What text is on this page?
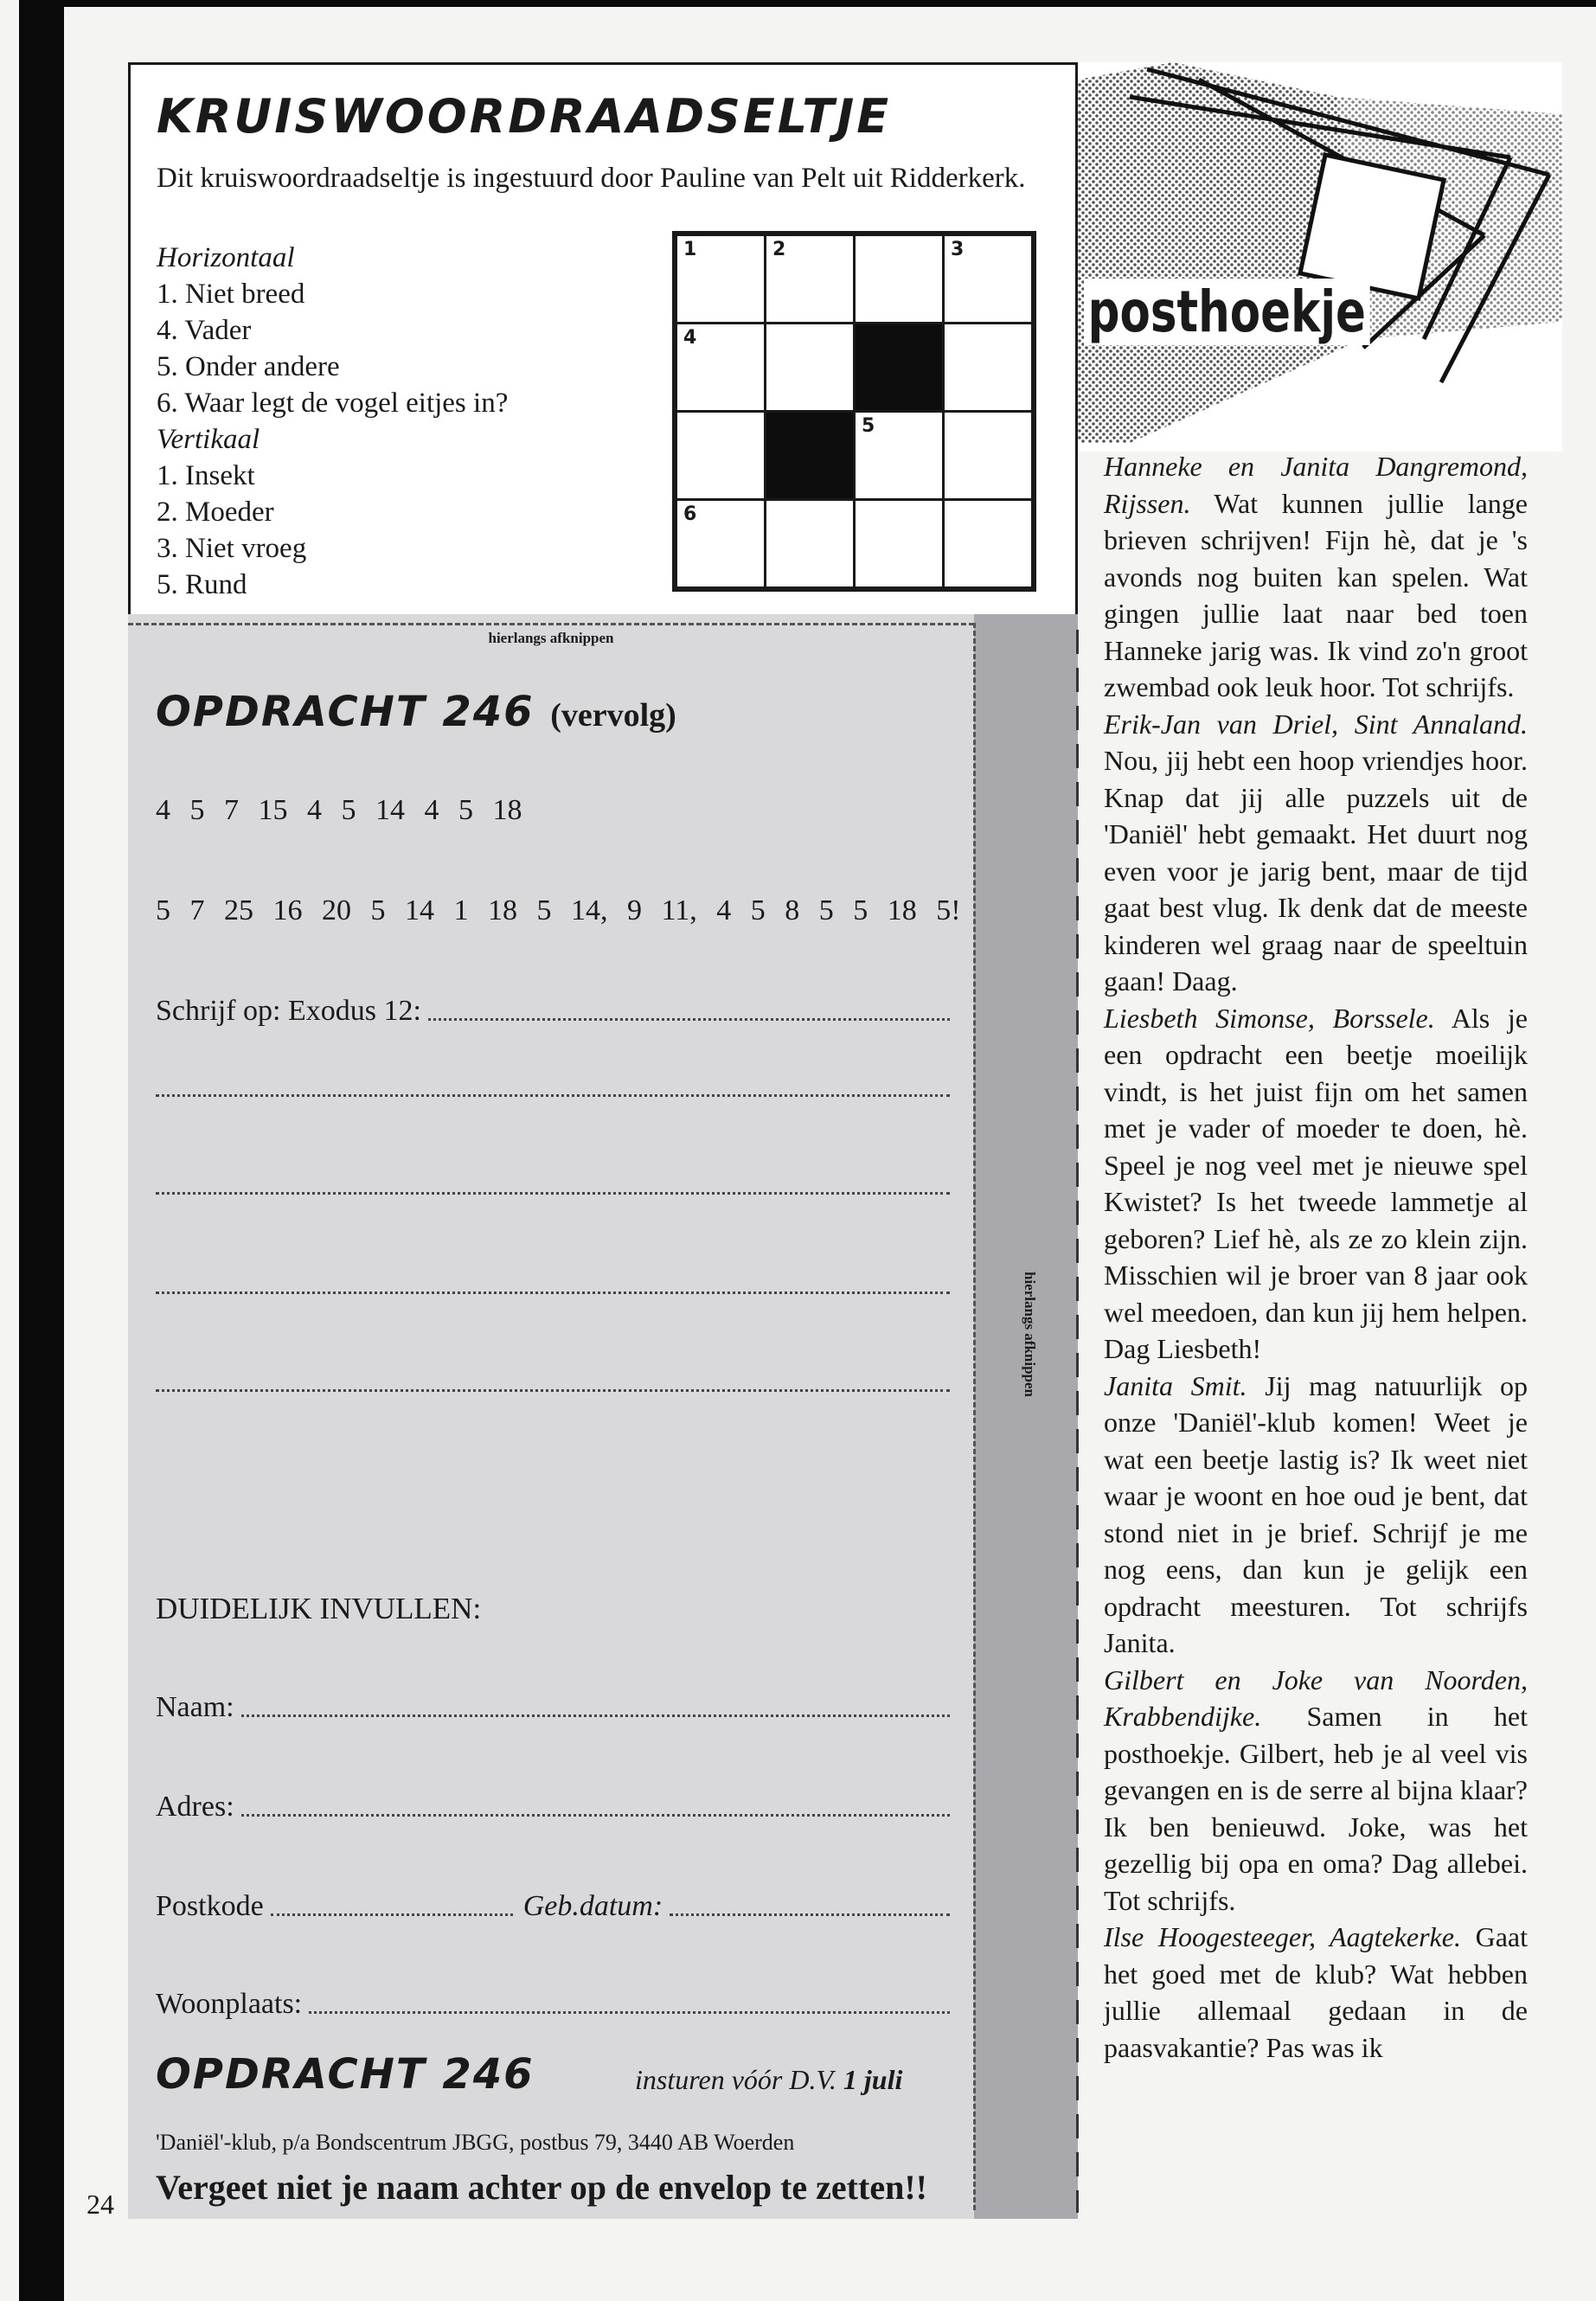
24
KRUISWOORDRAADSELTJE
Dit kruiswoordraadseltje is ingestuurd door Pauline van Pelt uit Ridderkerk.
Horizontaal
1. Niet breed
4. Vader
5. Onder andere
6. Waar legt de vogel eitjes in?
Vertikaal
1. Insekt
2. Moeder
3. Niet vroeg
5. Rund
1	2		3

4			

		5	

6			

hierlangs afknippen
hierlangs afknippen
OPDRACHT 246 (vervolg)
4 5 7 15 4 5 14 4 5 18
5 7 25 16 20 5 14 1 18 5 14, 9 11, 4 5 8 5 5 18 5!
Schrijf op: Exodus 12:
DUIDELIJK INVULLEN:
Naam:
Adres:
Postkode	Geb.datum:
Woonplaats:
OPDRACHT 246	insturen vóór D.V. 1 juli
'Daniël'-klub, p/a Bondscentrum JBGG, postbus 79, 3440 AB Woerden
Vergeet niet je naam achter op de envelop te zetten!!
posthoekje

Hanneke en Janita Dangremond, Rijssen. Wat kunnen jullie lange brieven schrijven! Fijn hè, dat je 's avonds nog buiten kan spelen. Wat gingen jullie laat naar bed toen Hanneke jarig was. Ik vind zo'n groot zwembad ook leuk hoor. Tot schrijfs.

Erik-Jan van Driel, Sint Annaland. Nou, jij hebt een hoop vriendjes hoor. Knap dat jij alle puzzels uit de 'Daniël' hebt gemaakt. Het duurt nog even voor je jarig bent, maar de tijd gaat best vlug. Ik denk dat de meeste kinderen wel graag naar de speeltuin gaan! Daag.

Liesbeth Simonse, Borssele. Als je een opdracht een beetje moeilijk vindt, is het juist fijn om het samen met je vader of moeder te doen, hè. Speel je nog veel met je nieuwe spel Kwistet? Is het tweede lammetje al geboren? Lief hè, als ze zo klein zijn. Misschien wil je broer van 8 jaar ook wel meedoen, dan kun jij hem helpen. Dag Liesbeth!

Janita Smit. Jij mag natuurlijk op onze 'Daniël'-klub komen! Weet je wat een beetje lastig is? Ik weet niet waar je woont en hoe oud je bent, dat stond niet in je brief. Schrijf je me nog eens, dan kun je gelijk een opdracht meesturen. Tot schrijfs Janita.

Gilbert en Joke van Noorden, Krabbendijke. Samen in het posthoekje. Gilbert, heb je al veel vis gevangen en is de serre al bijna klaar? Ik ben benieuwd. Joke, was het gezellig bij opa en oma? Dag allebei. Tot schrijfs.

Ilse Hoogesteeger, Aagtekerke. Gaat het goed met de klub? Wat hebben jullie allemaal gedaan in de paasvakantie? Pas was ik
